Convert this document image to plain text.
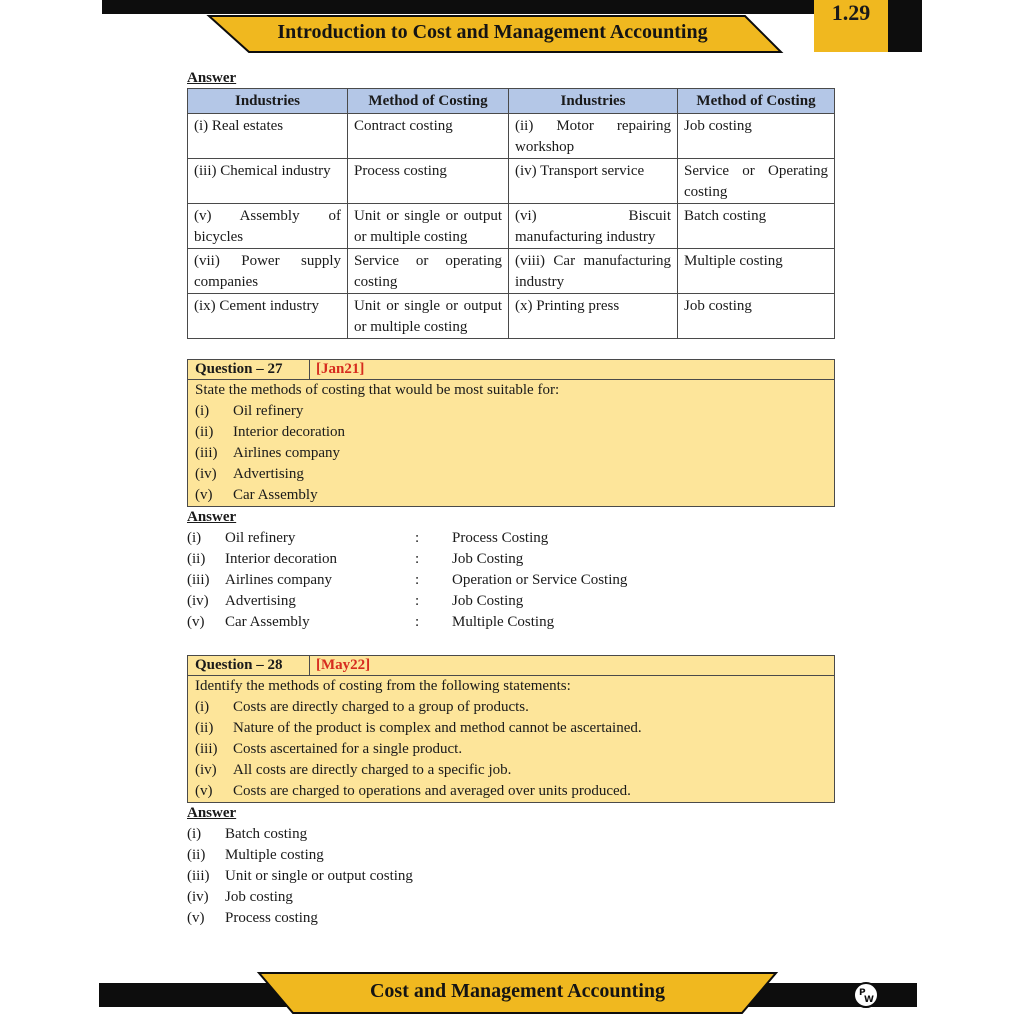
Introduction to Cost and Management Accounting
1.29
Answer
Industries	Method of Costing	Industries	Method of Costing
(i) Real estates	Contract costing	(ii) Motor repairing workshop	Job costing
(iii) Chemical industry	Process costing	(iv) Transport service	Service or Operating costing
(v) Assembly of bicycles	Unit or single or output or multiple costing	(vi) Biscuit manufacturing industry	Batch costing
(vii) Power supply companies	Service or operating costing	(viii) Car manufacturing industry	Multiple costing
(ix) Cement industry	Unit or single or output or multiple costing	(x) Printing press	Job costing
Question – 27	[Jan21]
State the methods of costing that would be most suitable for:
(i)	Oil refinery
(ii)	Interior decoration
(iii)	Airlines company
(iv)	Advertising
(v)	Car Assembly
Answer
(i)	Oil refinery	:	Process Costing
(ii)	Interior decoration	:	Job Costing
(iii)	Airlines company	:	Operation or Service Costing
(iv)	Advertising	:	Job Costing
(v)	Car Assembly	:	Multiple Costing
Question – 28	[May22]
Identify the methods of costing from the following statements:
(i)	Costs are directly charged to a group of products.
(ii)	Nature of the product is complex and method cannot be ascertained.
(iii)	Costs ascertained for a single product.
(iv)	All costs are directly charged to a specific job.
(v)	Costs are charged to operations and averaged over units produced.
Answer
(i)	Batch costing
(ii)	Multiple costing
(iii)	Unit or single or output costing
(iv)	Job costing
(v)	Process costing
Cost and Management Accounting	P
W
